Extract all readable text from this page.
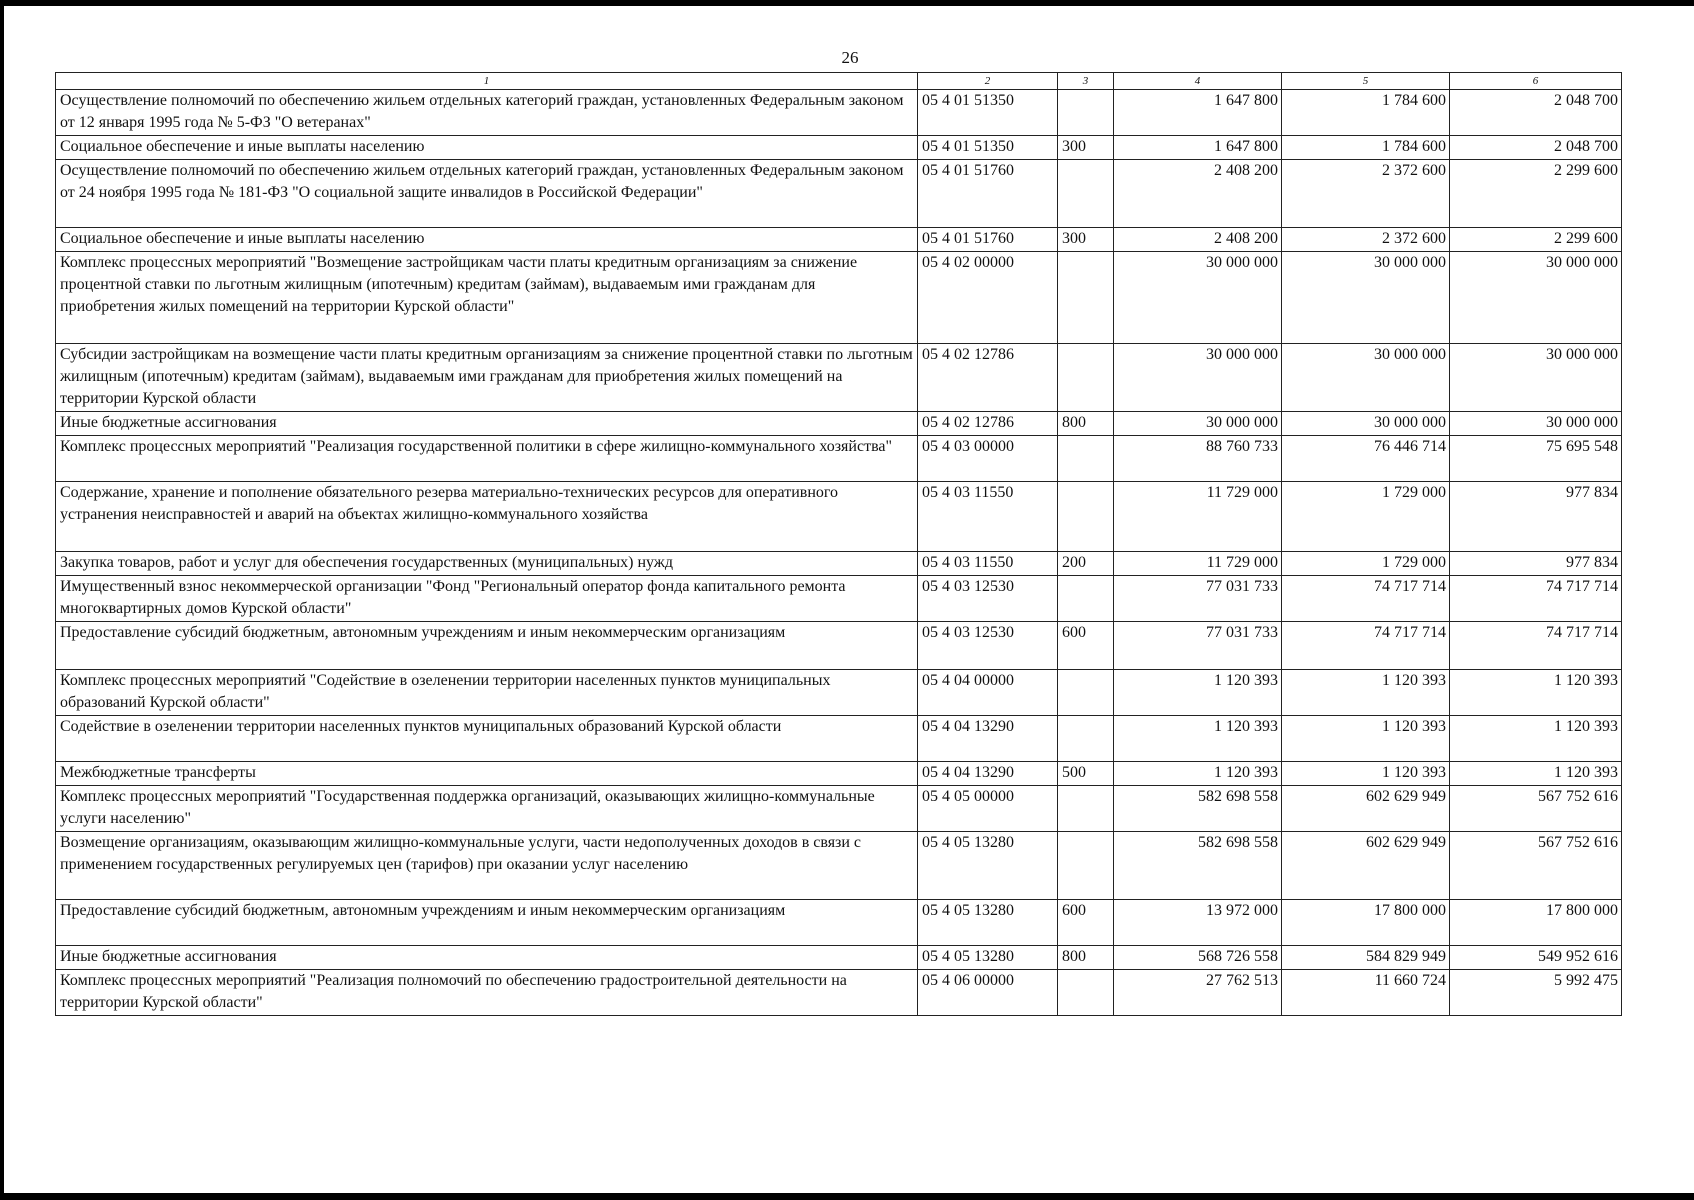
26
1	2	3	4	5	6
Осуществление полномочий по обеспечению жильем отдельных категорий граждан, установленных Федеральным законом от 12 января 1995 года № 5-ФЗ "О ветеранах"	05 4 01 51350		1 647 800	1 784 600	2 048 700
Социальное обеспечение и иные выплаты населению	05 4 01 51350	300	1 647 800	1 784 600	2 048 700
Осуществление полномочий по обеспечению жильем отдельных категорий граждан, установленных Федеральным законом от 24 ноября 1995 года № 181-ФЗ "О социальной защите инвалидов в Российской Федерации"	05 4 01 51760		2 408 200	2 372 600	2 299 600
Социальное обеспечение и иные выплаты населению	05 4 01 51760	300	2 408 200	2 372 600	2 299 600
Комплекс процессных мероприятий "Возмещение застройщикам части платы кредитным организациям за снижение процентной ставки по льготным жилищным (ипотечным) кредитам (займам), выдаваемым ими гражданам для приобретения жилых помещений на территории Курской области"	05 4 02 00000		30 000 000	30 000 000	30 000 000
Субсидии застройщикам на возмещение части платы кредитным организациям за снижение процентной ставки по льготным жилищным (ипотечным) кредитам (займам), выдаваемым ими гражданам для приобретения жилых помещений на территории Курской области	05 4 02 12786		30 000 000	30 000 000	30 000 000
Иные бюджетные ассигнования	05 4 02 12786	800	30 000 000	30 000 000	30 000 000
Комплекс процессных мероприятий "Реализация государственной политики в сфере жилищно-коммунального хозяйства"	05 4 03 00000		88 760 733	76 446 714	75 695 548
Содержание, хранение и пополнение обязательного резерва материально-технических ресурсов для оперативного устранения неисправностей и аварий на объектах жилищно-коммунального хозяйства	05 4 03 11550		11 729 000	1 729 000	977 834
Закупка товаров, работ и услуг для обеспечения государственных (муниципальных) нужд	05 4 03 11550	200	11 729 000	1 729 000	977 834
Имущественный взнос некоммерческой организации "Фонд "Региональный оператор фонда капитального ремонта многоквартирных домов Курской области"	05 4 03 12530		77 031 733	74 717 714	74 717 714
Предоставление субсидий бюджетным, автономным учреждениям и иным некоммерческим организациям	05 4 03 12530	600	77 031 733	74 717 714	74 717 714
Комплекс процессных мероприятий "Содействие в озеленении территории населенных пунктов муниципальных образований Курской области"	05 4 04 00000		1 120 393	1 120 393	1 120 393
Содействие в озеленении территории населенных пунктов муниципальных образований Курской области	05 4 04 13290		1 120 393	1 120 393	1 120 393
Межбюджетные трансферты	05 4 04 13290	500	1 120 393	1 120 393	1 120 393
Комплекс процессных мероприятий "Государственная поддержка организаций, оказывающих жилищно-коммунальные услуги населению"	05 4 05 00000		582 698 558	602 629 949	567 752 616
Возмещение организациям, оказывающим жилищно-коммунальные услуги, части недополученных доходов в связи с применением государственных регулируемых цен (тарифов) при оказании услуг населению	05 4 05 13280		582 698 558	602 629 949	567 752 616
Предоставление субсидий бюджетным, автономным учреждениям и иным некоммерческим организациям	05 4 05 13280	600	13 972 000	17 800 000	17 800 000
Иные бюджетные ассигнования	05 4 05 13280	800	568 726 558	584 829 949	549 952 616
Комплекс процессных мероприятий "Реализация полномочий по обеспечению градостроительной деятельности на территории Курской области"	05 4 06 00000		27 762 513	11 660 724	5 992 475
